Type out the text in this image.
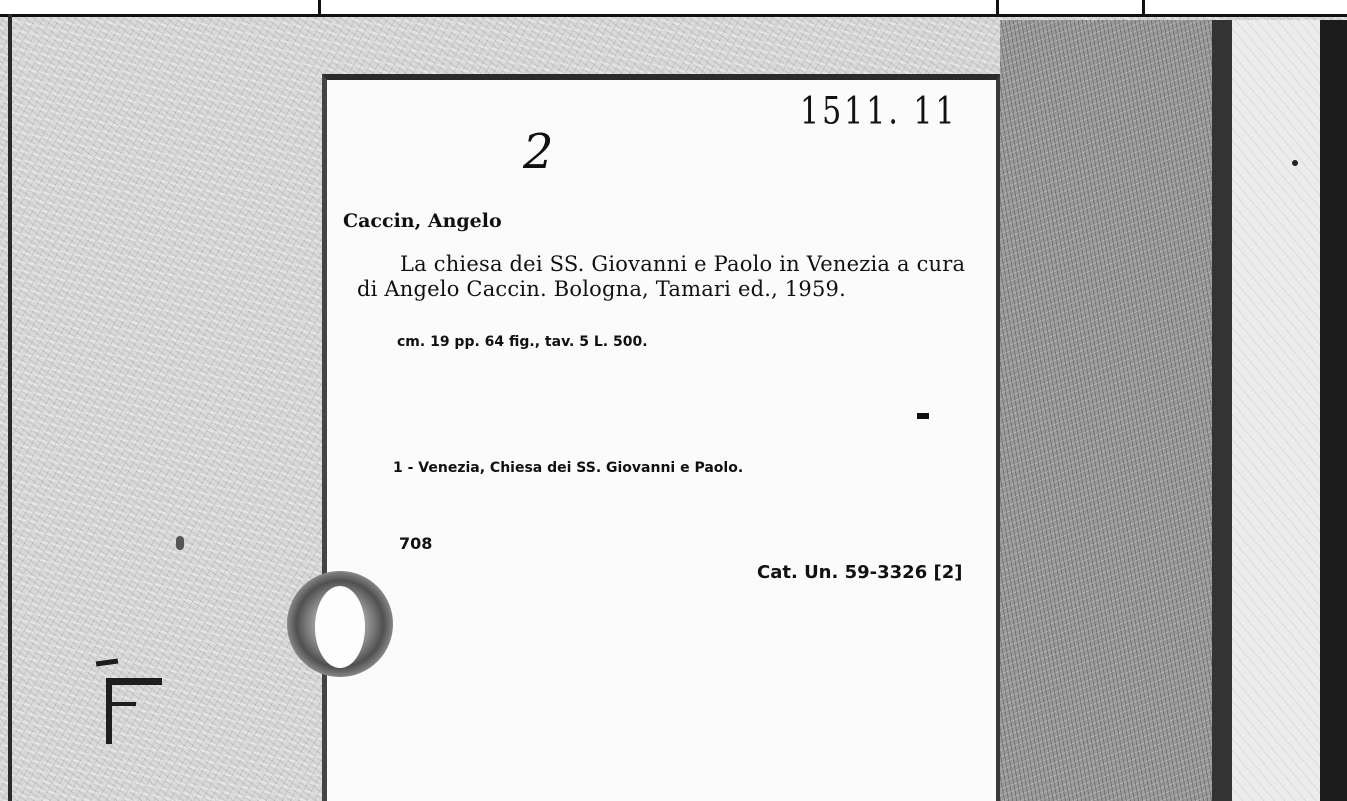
1511. 11

2

Caccin, Angelo

La chiesa dei SS. Giovanni e Paolo in Venezia a cura

di Angelo Caccin. Bologna, Tamari ed., 1959.

cm. 19 pp. 64 fig., tav. 5 L. 500.

1 - Venezia, Chiesa dei SS. Giovanni e Paolo.

708

Cat. Un. 59-3326 [2]
